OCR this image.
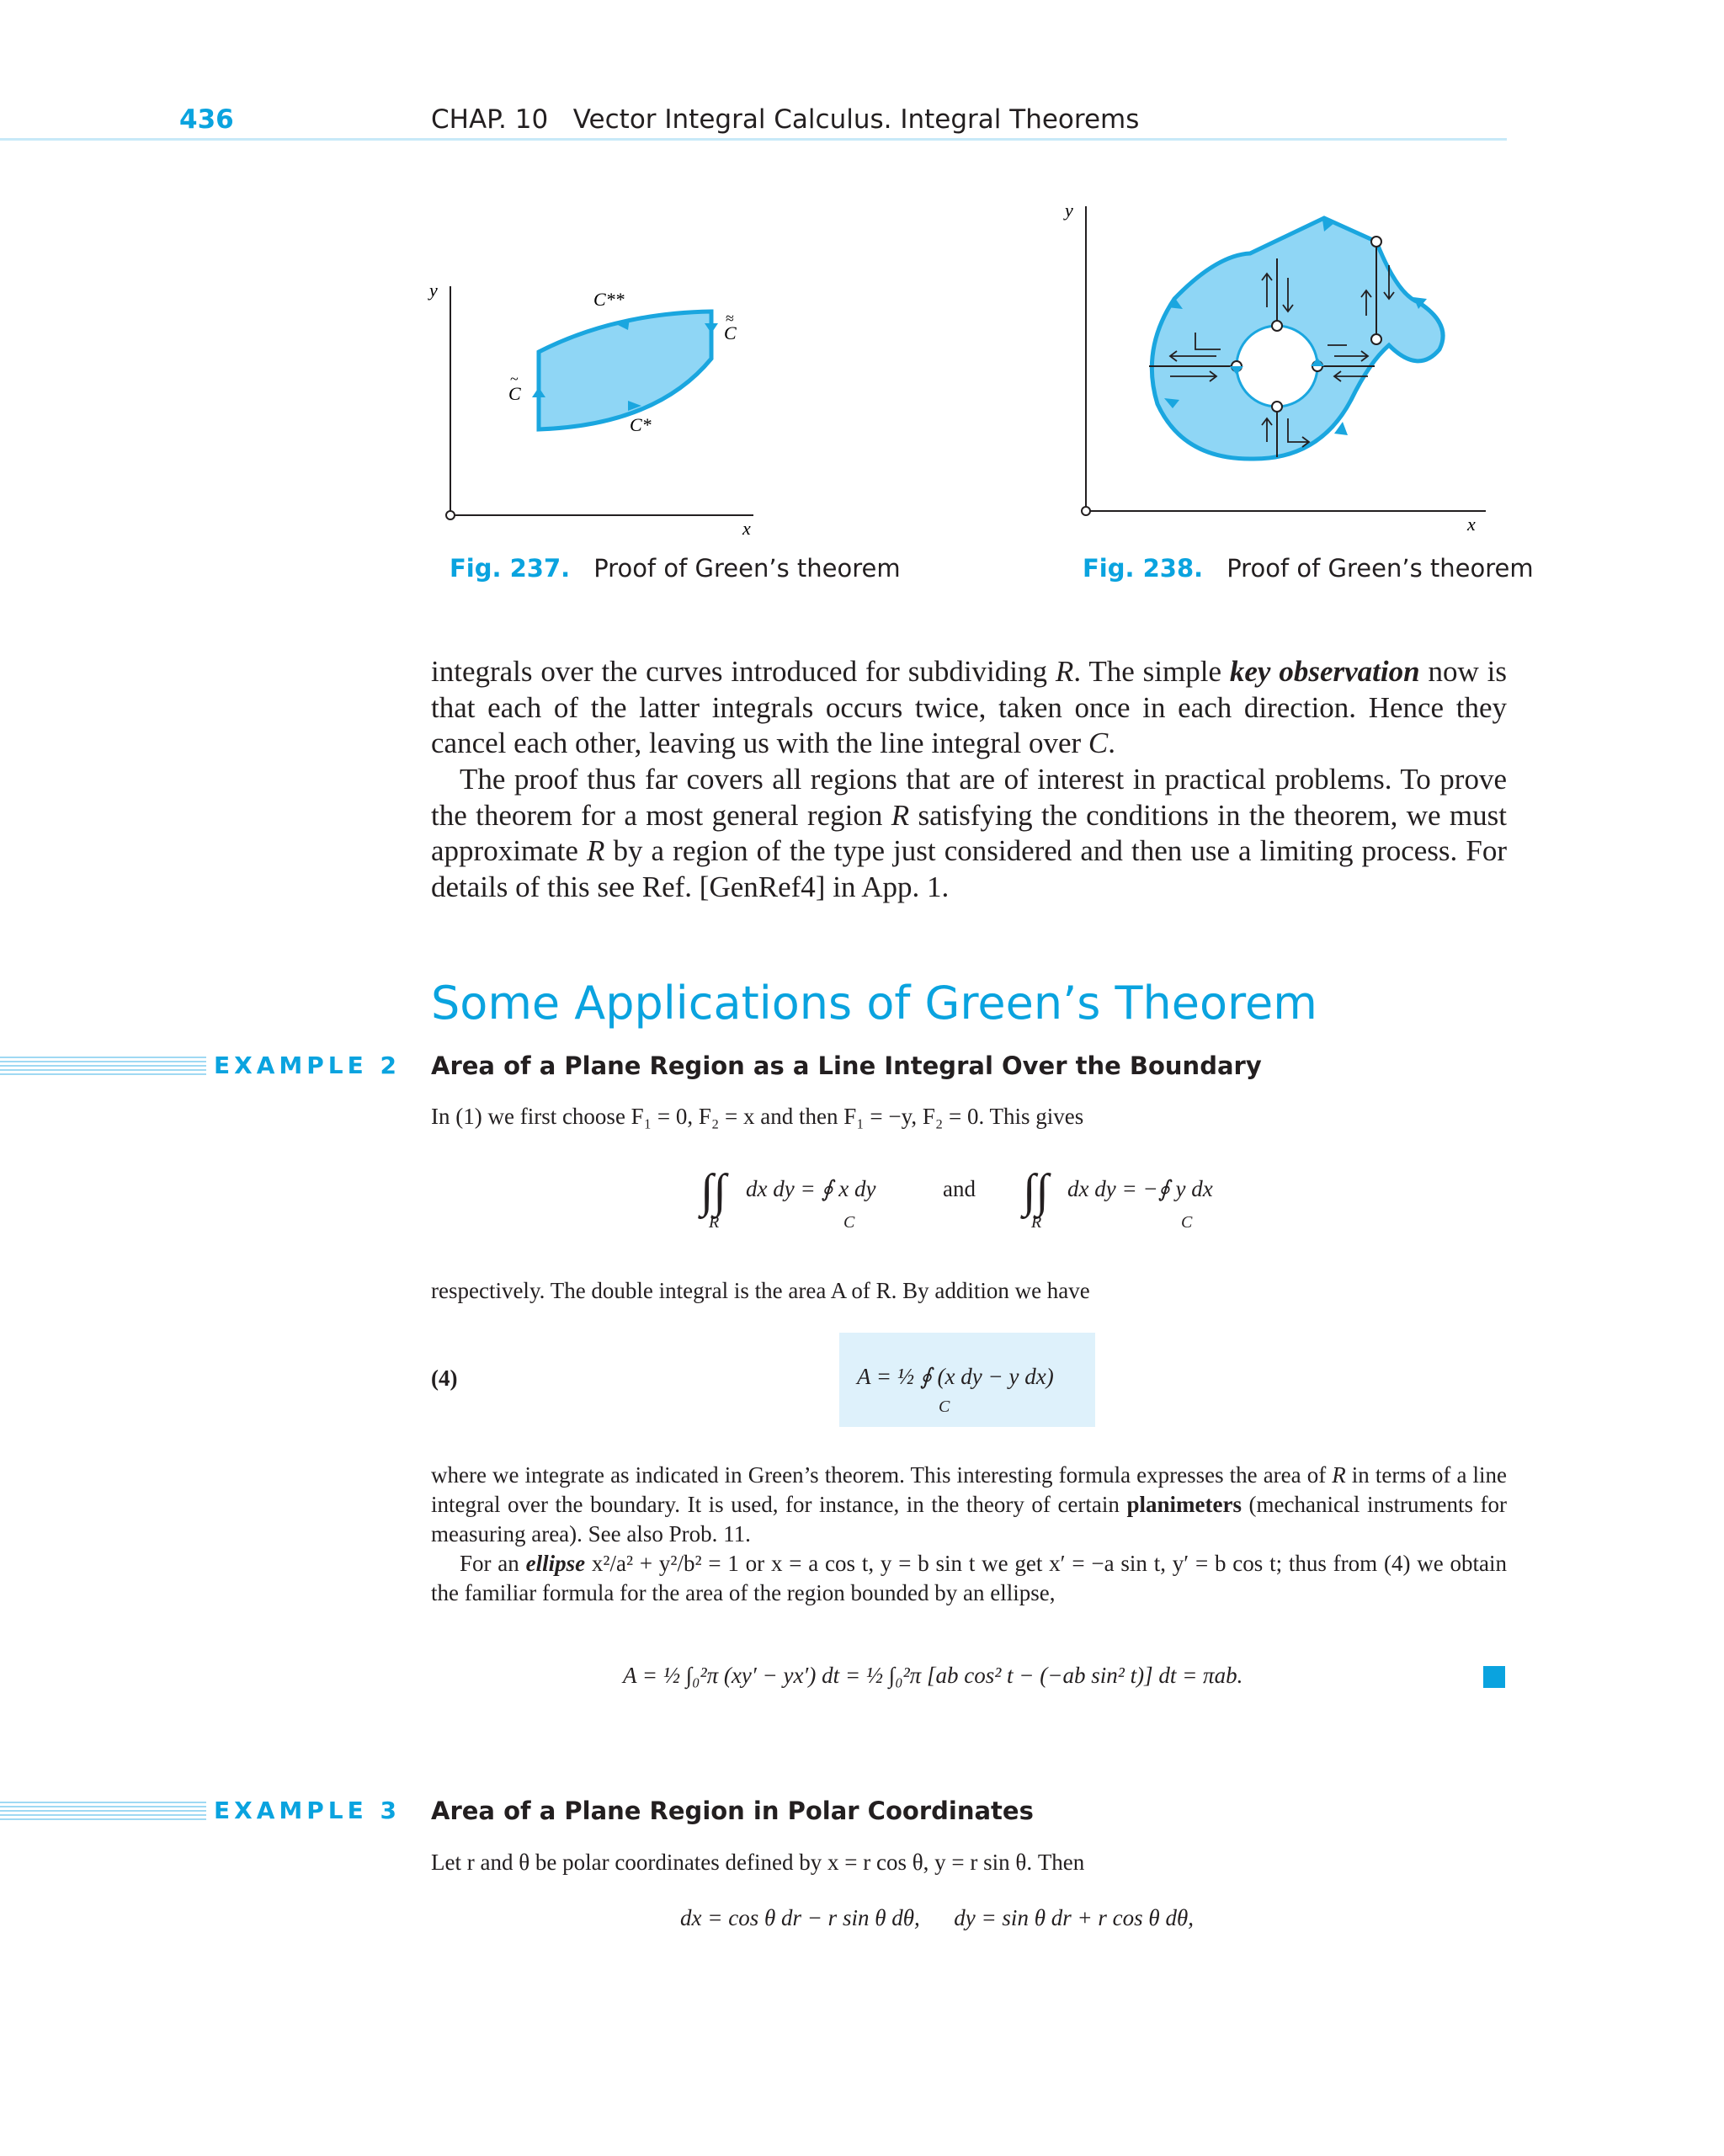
436	CHAP. 10   Vector Integral Calculus. Integral Theorems
y
x
C**
C*
C
~
C
≈
Fig. 237. Proof of Green’s theorem
y
x
Fig. 238. Proof of Green’s theorem
integrals over the curves introduced for subdividing R. The simple key observation now is that each of the latter integrals occurs twice, taken once in each direction. Hence they cancel each other, leaving us with the line integral over C.
The proof thus far covers all regions that are of interest in practical problems. To prove the theorem for a most general region R satisfying the conditions in the theorem, we must approximate R by a region of the type just considered and then use a limiting process. For details of this see Ref. [GenRef4] in App. 1.
Some Applications of Green’s Theorem
EXAMPLE 2 Area of a Plane Region as a Line Integral Over the Boundary
In (1) we first choose F₁ = 0, F₂ = x and then F₁ = −y, F₂ = 0. This gives
∫∫
R
dx dy = ∮ x dy
C
and ∫∫
R
dx dy = −∮ y dx
C
respectively. The double integral is the area A of R. By addition we have
(4)	A = ½ ∮ (x dy − y dx)
C
where we integrate as indicated in Green’s theorem. This interesting formula expresses the area of R in terms of a line integral over the boundary. It is used, for instance, in the theory of certain planimeters (mechanical instruments for measuring area). See also Prob. 11.
For an ellipse x²/a² + y²/b² = 1 or x = a cos t, y = b sin t we get x′ = −a sin t, y′ = b cos t; thus from (4) we obtain the familiar formula for the area of the region bounded by an ellipse,
A = ½ ∫₀²π (xy′ − yx′) dt = ½ ∫₀²π [ab cos² t − (−ab sin² t)] dt = πab.
EXAMPLE 3 Area of a Plane Region in Polar Coordinates
Let r and θ be polar coordinates defined by x = r cos θ, y = r sin θ. Then
dx = cos θ dr − r sin θ dθ,      dy = sin θ dr + r cos θ dθ,
